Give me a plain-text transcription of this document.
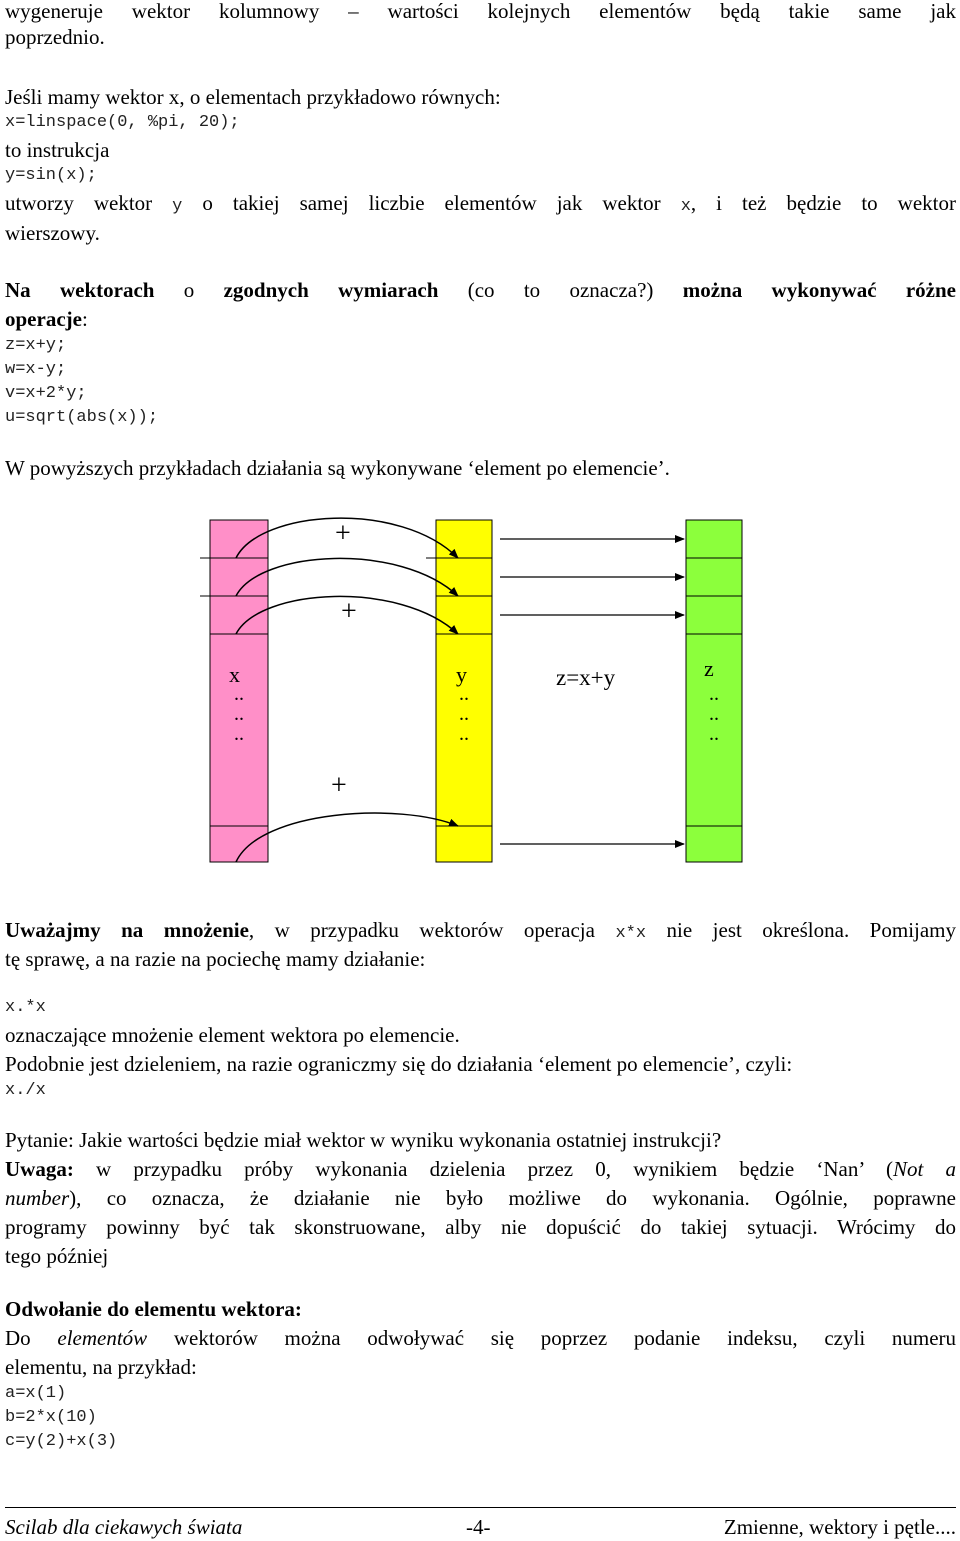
wygeneruje wektor kolumnowy – wartości kolejnych elementów będą takie same jak
poprzednio.
Jeśli mamy wektor x, o elementach przykładowo równych:
x=linspace(0, %pi, 20);
to instrukcja
y=sin(x);
utworzy wektor y o takiej samej liczbie elementów jak wektor x, i też będzie to wektor
wierszowy.
Na wektorach o zgodnych wymiarach (co to oznacza?) można wykonywać różne
operacje:
z=x+y;
w=x-y;
v=x+2*y;
u=sqrt(abs(x));
W powyższych przykładach działania są wykonywane ‘element po elemencie’.
+
+
+
x	y	z
..
..
..
..
..
..
..
..
..
z=x+y
Uważajmy na mnożenie, w przypadku wektorów operacja x*x nie jest określona. Pomijamy
tę sprawę, a na razie na pociechę mamy działanie:
x.*x
oznaczające mnożenie element wektora po elemencie.
Podobnie jest dzieleniem, na razie ograniczmy się do działania ‘element po elemencie’, czyli:
x./x
Pytanie: Jakie wartości będzie miał wektor w wyniku wykonania ostatniej instrukcji?
Uwaga: w przypadku próby wykonania dzielenia przez 0, wynikiem będzie ‘Nan’ (Not a
number), co oznacza, że działanie nie było możliwe do wykonania. Ogólnie, poprawne
programy powinny być tak skonstruowane, alby nie dopuścić do takiej sytuacji. Wrócimy do
tego później
Odwołanie do elementu wektora:
Do elementów wektorów można odwoływać się poprzez podanie indeksu, czyli numeru
elementu, na przykład:
a=x(1)
b=2*x(10)
c=y(2)+x(3)
Scilab dla ciekawych świata	-4-	Zmienne, wektory i pętle....
